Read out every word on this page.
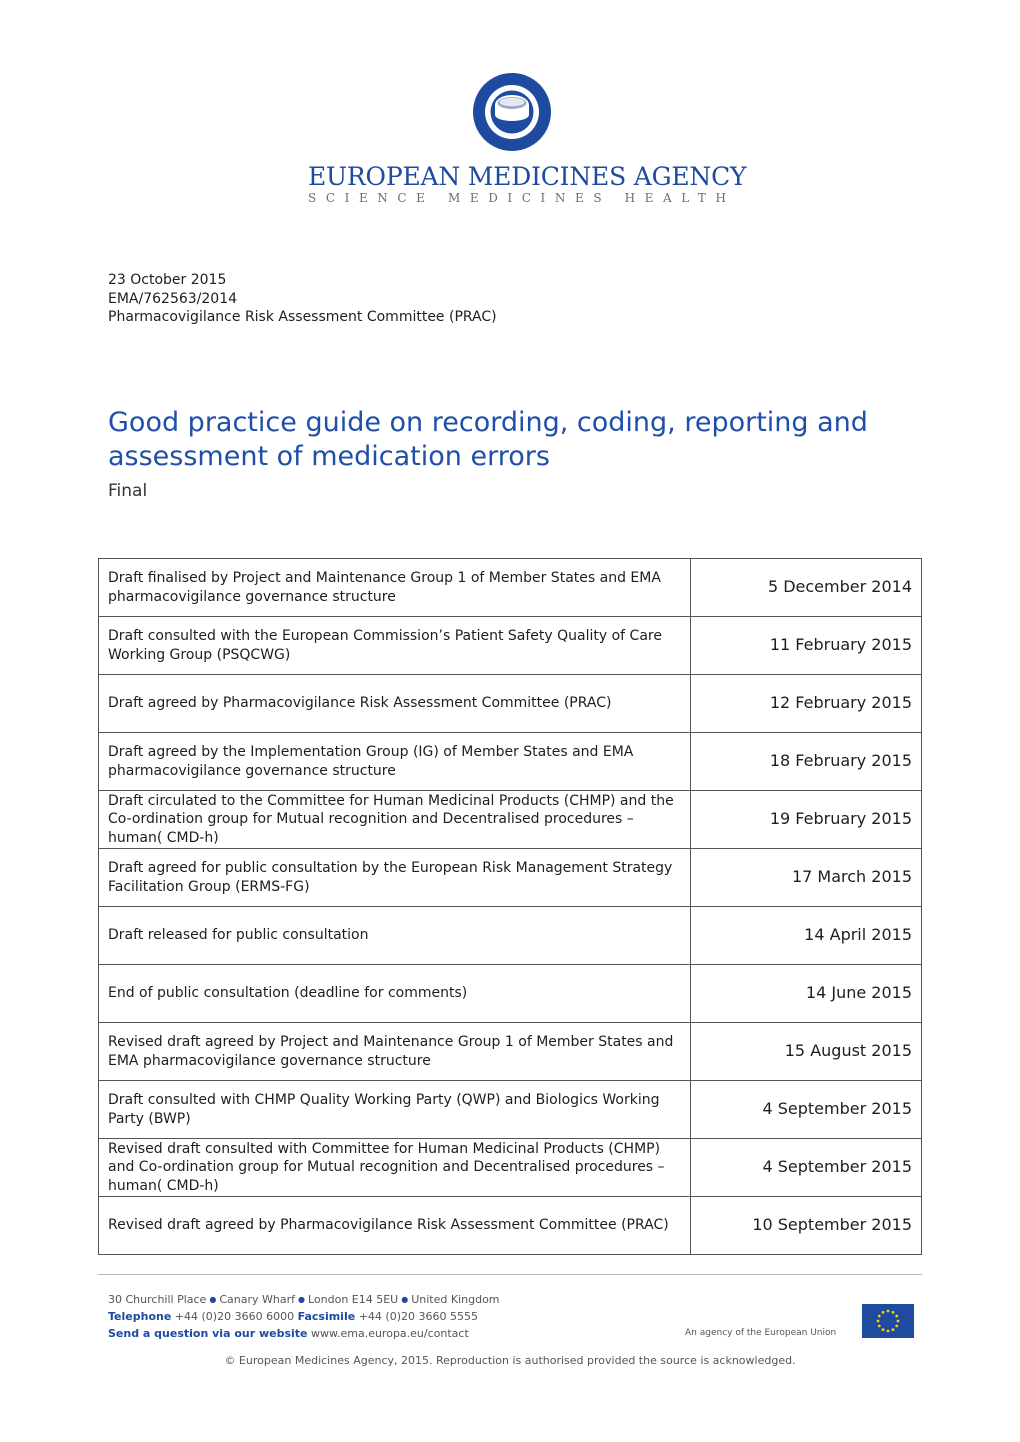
EUROPEAN MEDICINES AGENCY
SCIENCE MEDICINES HEALTH
23 October 2015
EMA/762563/2014
Pharmacovigilance Risk Assessment Committee (PRAC)
Good practice guide on recording, coding, reporting and assessment of medication errors
Final
Draft finalised by Project and Maintenance Group 1 of Member States and EMA pharmacovigilance governance structure	5 December 2014
Draft consulted with the European Commission’s Patient Safety Quality of Care Working Group (PSQCWG)	11 February 2015
Draft agreed by Pharmacovigilance Risk Assessment Committee (PRAC)	12 February 2015
Draft agreed by the Implementation Group (IG) of Member States and EMA pharmacovigilance governance structure	18 February 2015
Draft circulated to the Committee for Human Medicinal Products (CHMP) and the Co-ordination group for Mutual recognition and Decentralised procedures – human( CMD-h)	19 February 2015
Draft agreed for public consultation by the European Risk Management Strategy Facilitation Group (ERMS-FG)	17 March 2015
Draft released for public consultation	14 April 2015
End of public consultation (deadline for comments)	14 June 2015
Revised draft agreed by Project and Maintenance Group 1 of Member States and EMA pharmacovigilance governance structure	15 August 2015
Draft consulted with CHMP Quality Working Party (QWP) and Biologics Working Party (BWP)	4 September 2015
Revised draft consulted with Committee for Human Medicinal Products (CHMP) and Co-ordination group for Mutual recognition and Decentralised procedures – human( CMD-h)	4 September 2015
Revised draft agreed by Pharmacovigilance Risk Assessment Committee (PRAC)	10 September 2015
30 Churchill Place ● Canary Wharf ● London E14 5EU ● United Kingdom
Telephone +44 (0)20 3660 6000 Facsimile +44 (0)20 3660 5555
Send a question via our website www.ema.europa.eu/contact	An agency of the European Union
© European Medicines Agency, 2015. Reproduction is authorised provided the source is acknowledged.
